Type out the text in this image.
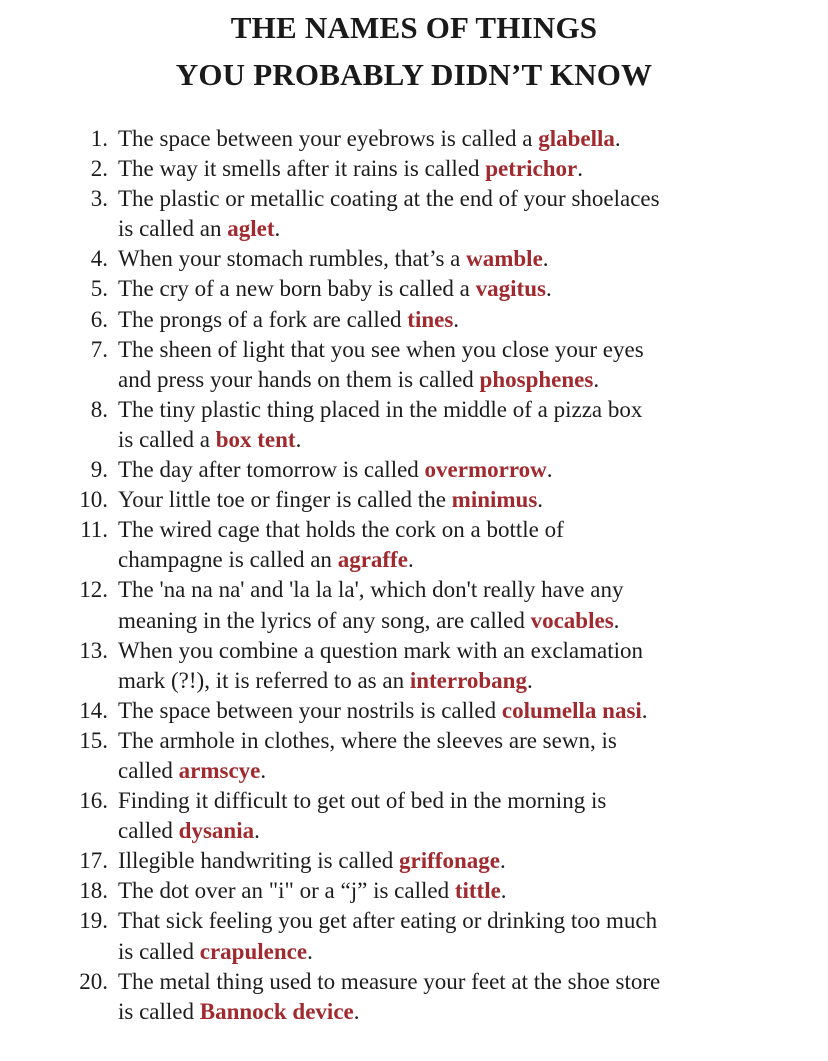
THE NAMES OF THINGS
YOU PROBABLY DIDN’T KNOW
1. The space between your eyebrows is called a glabella.
2. The way it smells after it rains is called petrichor.
3. The plastic or metallic coating at the end of your shoelaces
is called an aglet.
4. When your stomach rumbles, that’s a wamble.
5. The cry of a new born baby is called a vagitus.
6. The prongs of a fork are called tines.
7. The sheen of light that you see when you close your eyes
and press your hands on them is called phosphenes.
8. The tiny plastic thing placed in the middle of a pizza box
is called a box tent.
9. The day after tomorrow is called overmorrow.
10. Your little toe or finger is called the minimus.
11. The wired cage that holds the cork on a bottle of
champagne is called an agraffe.
12. The 'na na na' and 'la la la', which don't really have any
meaning in the lyrics of any song, are called vocables.
13. When you combine a question mark with an exclamation
mark (?!), it is referred to as an interrobang.
14. The space between your nostrils is called columella nasi.
15. The armhole in clothes, where the sleeves are sewn, is
called armscye.
16. Finding it difficult to get out of bed in the morning is
called dysania.
17. Illegible handwriting is called griffonage.
18. The dot over an "i" or a “j” is called tittle.
19. That sick feeling you get after eating or drinking too much
is called crapulence.
20. The metal thing used to measure your feet at the shoe store
is called Bannock device.
